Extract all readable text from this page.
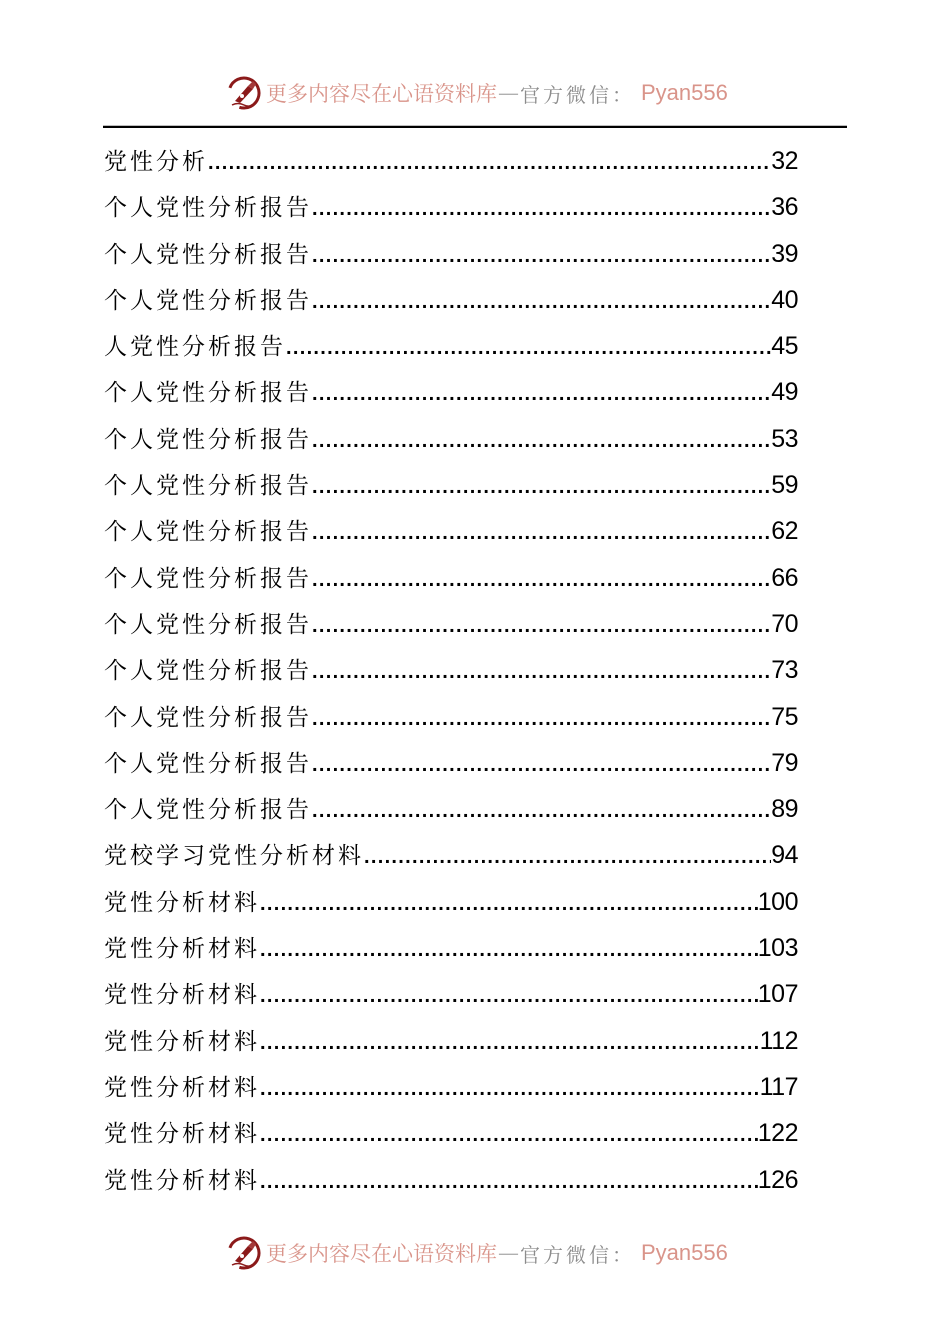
更多内容尽在心语资料库 — 官方微信： Pyan556
党性分析 .....	32
个人党性分析报告 .....	36
个人党性分析报告 .....	39
个人党性分析报告 .....	40
人党性分析报告 .....	45
个人党性分析报告 .....	49
个人党性分析报告 .....	53
个人党性分析报告 .....	59
个人党性分析报告 .....	62
个人党性分析报告 .....	66
个人党性分析报告 .....	70
个人党性分析报告 .....	73
个人党性分析报告 .....	75
个人党性分析报告 .....	79
个人党性分析报告 .....	89
党校学习党性分析材料 .....	94
党性分析材料 .....	100
党性分析材料 .....	103
党性分析材料 .....	107
党性分析材料 .....	112
党性分析材料 .....	117
党性分析材料 .....	122
党性分析材料 .....	126
更多内容尽在心语资料库 — 官方微信： Pyan556
